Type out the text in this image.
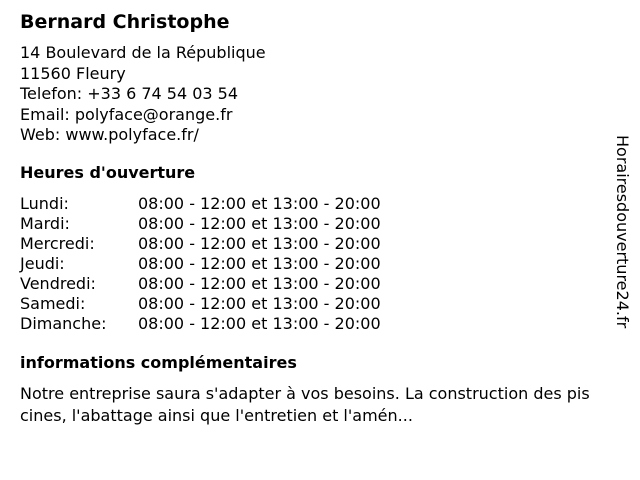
Bernard Christophe
14 Boulevard de la République
11560 Fleury
Telefon: +33 6 74 54 03 54
Email: polyface@orange.fr
Web: www.polyface.fr/
Heures d'ouverture
Lundi:	08:00 - 12:00 et 13:00 - 20:00
Mardi:	08:00 - 12:00 et 13:00 - 20:00
Mercredi:	08:00 - 12:00 et 13:00 - 20:00
Jeudi:	08:00 - 12:00 et 13:00 - 20:00
Vendredi:	08:00 - 12:00 et 13:00 - 20:00
Samedi:	08:00 - 12:00 et 13:00 - 20:00
Dimanche:	08:00 - 12:00 et 13:00 - 20:00
informations complémentaires
Notre entreprise saura s'adapter à vos besoins. La construction des piscines, l'abattage ainsi que l'entretien et l'amén...
Horairesdouverture24.fr
